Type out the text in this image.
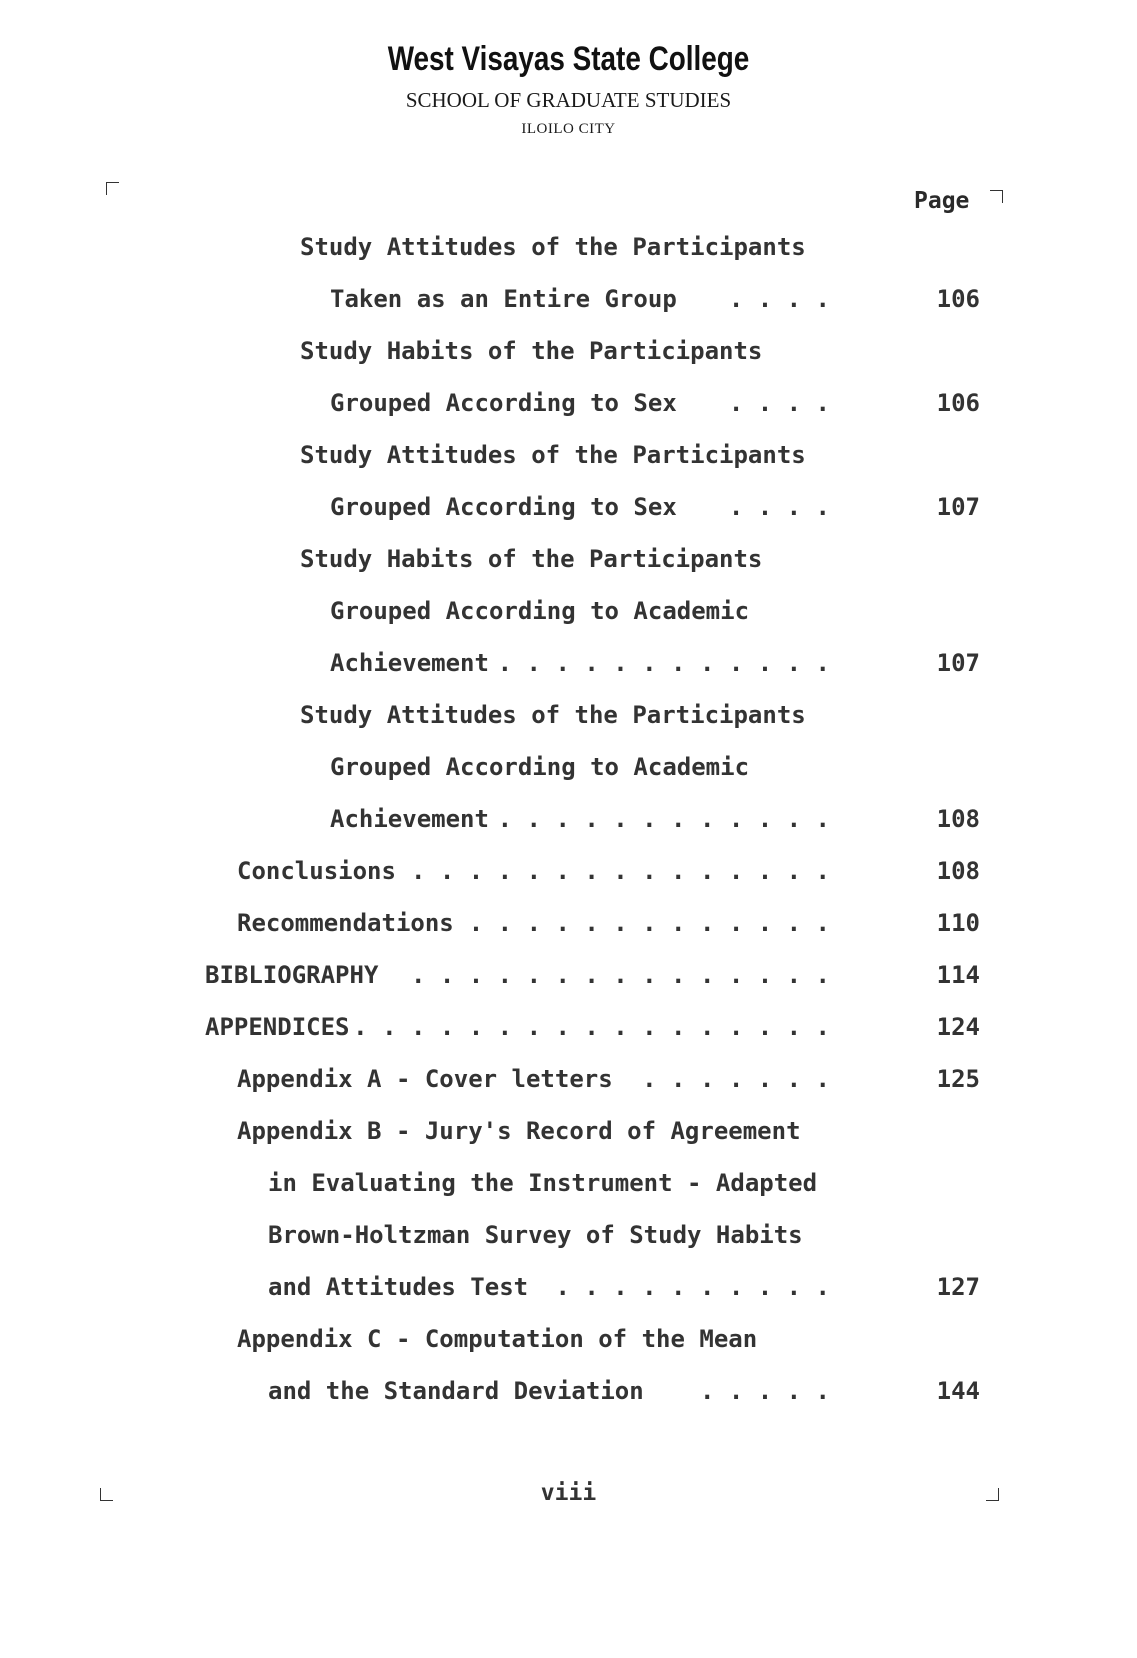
West Visayas State College
SCHOOL OF GRADUATE STUDIES
ILOILO CITY
Page
Study Attitudes of the Participants
Taken as an Entire Group . . . .	106
Study Habits of the Participants
Grouped According to Sex . . . .	106
Study Attitudes of the Participants
Grouped According to Sex . . . .	107
Study Habits of the Participants
Grouped According to Academic
Achievement . . . . . . . . . . . .	107
Study Attitudes of the Participants
Grouped According to Academic
Achievement . . . . . . . . . . . .	108
Conclusions . . . . . . . . . . . . . . .	108
Recommendations . . . . . . . . . . . . .	110
BIBLIOGRAPHY . . . . . . . . . . . . . . .	114
APPENDICES . . . . . . . . . . . . . . . . .	124
Appendix A - Cover letters . . . . . . .	125
Appendix B - Jury's Record of Agreement
in Evaluating the Instrument - Adapted
Brown-Holtzman Survey of Study Habits
and Attitudes Test . . . . . . . . . .	127
Appendix C - Computation of the Mean
and the Standard Deviation . . . . .	144
viii
